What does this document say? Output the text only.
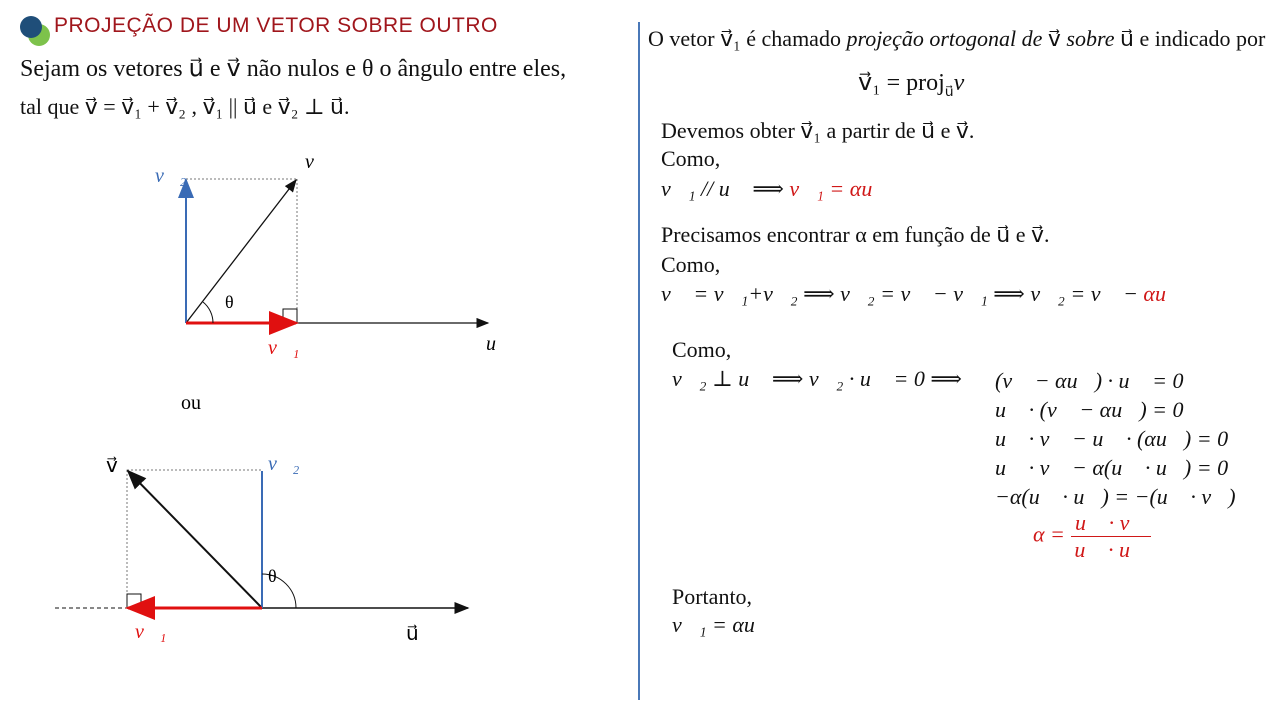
PROJEÇÃO DE UM VETOR SOBRE OUTRO
Sejam os vetores u⃗ e v⃗ não nulos e θ o ângulo entre eles,
tal que v⃗ = v⃗₁ + v⃗₂ , v⃗₁ || u⃗ e v⃗₂ ⊥ u⃗.
v⃗₂
v⃗
θ
v⃗₁	u⃗
ou
v⃗	v⃗₂
θ
v⃗₁	u⃗
O vetor v⃗₁ é chamado projeção ortogonal de v⃗ sobre u⃗ e indicado por
v⃗₁ = proj$_{u⃗}$v⃗
Devemos obter v⃗₁ a partir de u⃗ e v⃗.
Como,
v⃗₁ // u⃗ ⟹ v⃗₁ = αu⃗
Precisamos encontrar α em função de u⃗ e v⃗.
Como,
v⃗ = v⃗₁+v⃗₂ ⟹ v⃗₂ = v⃗ − v⃗₁ ⟹ v⃗₂ = v⃗ − αu⃗
Como,
v⃗₂ ⊥ u⃗ ⟹ v⃗₂ · u⃗ = 0 ⟹ (v⃗ − αu⃗) · u⃗ = 0
u⃗ · (v⃗ − αu⃗) = 0
u⃗ · v⃗ − u⃗ · (αu⃗) = 0
u⃗ · v⃗ − α(u⃗ · u⃗) = 0
−α(u⃗ · u⃗) = −(u⃗ · v⃗)
$\alpha = \frac{u⃗ \cdot v⃗}{u⃗ \cdot u⃗}$
Portanto,
v⃗₁ = αu⃗
